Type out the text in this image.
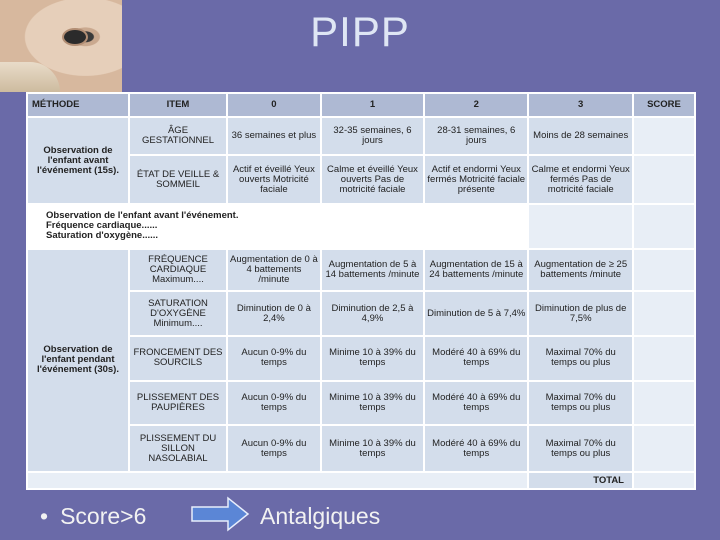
PIPP
MÉTHODE	ITEM	0	1	2	3	SCORE
Observation de l'enfant avant l'événement (15s).	ÂGE GESTATIONNEL	36 semaines et plus	32-35 semaines, 6 jours	28-31 semaines, 6 jours	Moins de 28 semaines	
	ÉTAT DE VEILLE & SOMMEIL	Actif et éveillé Yeux ouverts Motricité faciale	Calme et éveillé Yeux ouverts Pas de motricité faciale	Actif et endormi Yeux fermés Motricité faciale présente	Calme et endormi Yeux fermés Pas de motricité faciale	

Observation de l'enfant avant l'événement.
Fréquence cardiaque......
Saturation d'oxygène......						

Observation de l'enfant pendant l'événement (30s).	FRÉQUENCE CARDIAQUE Maximum....	Augmentation de 0 à 4 battements /minute	Augmentation de 5 à 14 battements /minute	Augmentation de 15 à 24 battements /minute	Augmentation de ≥ 25 battements /minute	
	SATURATION D'OXYGÈNE Minimum....	Diminution de 0 à 2,4%	Diminution de 2,5 à 4,9%	Diminution de 5 à 7,4%	Diminution de plus de 7,5%	
	FRONCEMENT DES SOURCILS	Aucun 0-9% du temps	Minime 10 à 39% du temps	Modéré 40 à 69% du temps	Maximal 70% du temps ou plus	
	PLISSEMENT DES PAUPIÈRES	Aucun 0-9% du temps	Minime 10 à 39% du temps	Modéré 40 à 69% du temps	Maximal 70% du temps ou plus	
	PLISSEMENT DU SILLON NASOLABIAL	Aucun 0-9% du temps	Minime 10 à 39% du temps	Modéré 40 à 69% du temps	Maximal 70% du temps ou plus	
					TOTAL	
• Score>6	Antalgiques
